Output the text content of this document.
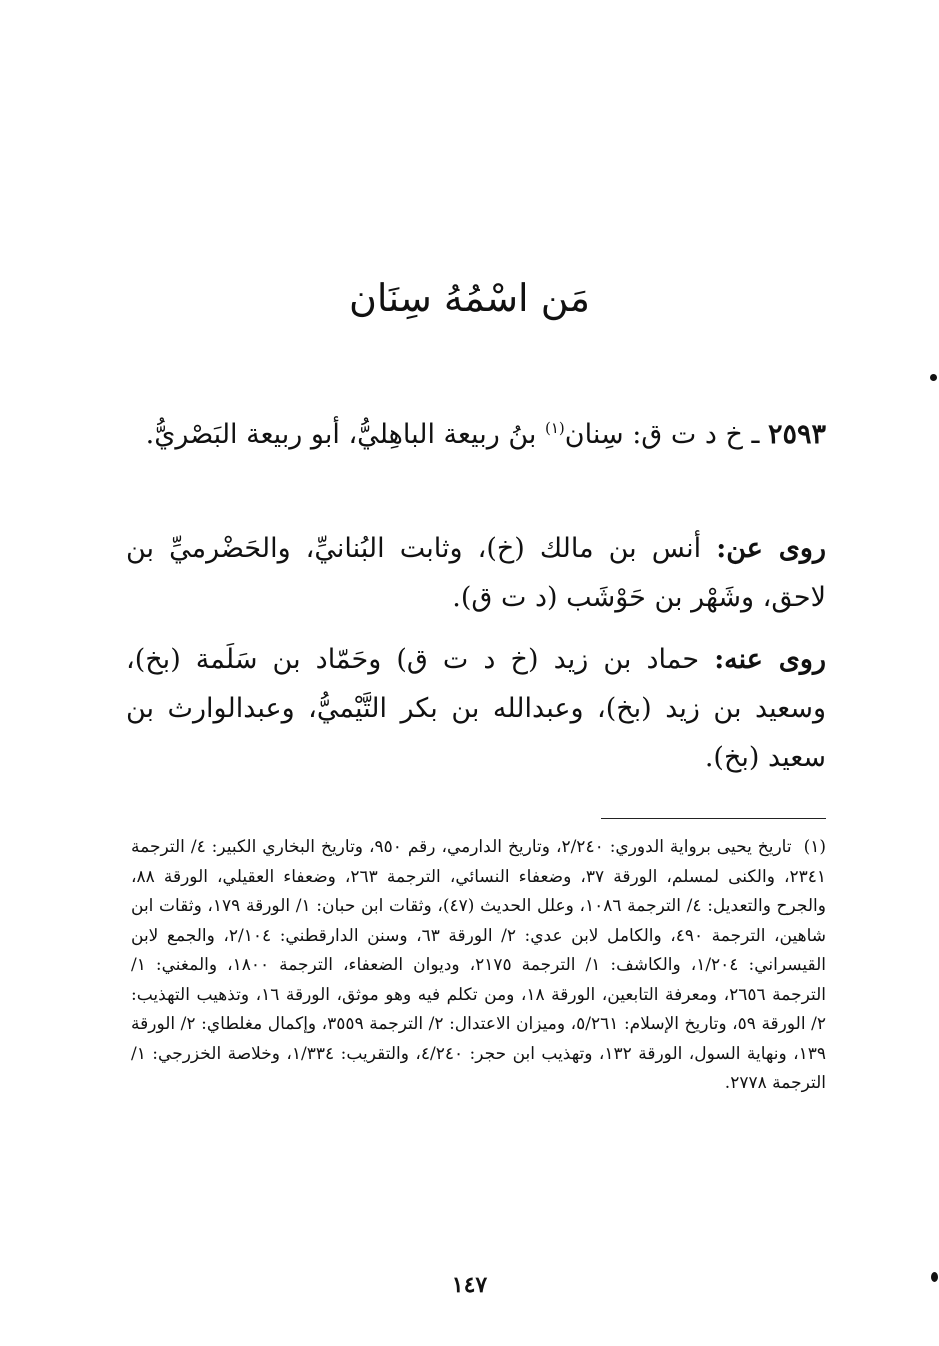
مَن اسْمُهُ سِنَان
٢٥٩٣ ـ خ د ت ق: سِنان$^{(١)}$ بنُ ربيعة الباهِليُّ، أبو ربيعة البَصْريُّ.
روى عن: أنس بن مالك (خ)، وثابت البُنانيِّ، والحَضْرميِّ بن لاحق، وشَهْر بن حَوْشَب (د ت ق).
روى عنه: حماد بن زيد (خ د ت ق) وحَمّاد بن سَلَمة (بخ)، وسعيد بن زيد (بخ)، وعبدالله بن بكر التَّيْميُّ، وعبدالوارث بن سعيد (بخ).
(١) تاريخ يحيى برواية الدوري: ٢/٢٤٠، وتاريخ الدارمي، رقم ٩٥٠، وتاريخ البخاري الكبير: ٤/ الترجمة ٢٣٤١، والكنى لمسلم، الورقة ٣٧، وضعفاء النسائي، الترجمة ٢٦٣، وضعفاء العقيلي، الورقة ٨٨، والجرح والتعديل: ٤/ الترجمة ١٠٨٦، وعلل الحديث (٤٧)، وثقات ابن حبان: ١/ الورقة ١٧٩، وثقات ابن شاهين، الترجمة ٤٩٠، والكامل لابن عدي: ٢/ الورقة ٦٣، وسنن الدارقطني: ٢/١٠٤، والجمع لابن القيسراني: ١/٢٠٤، والكاشف: ١/ الترجمة ٢١٧٥، وديوان الضعفاء، الترجمة ١٨٠٠، والمغني: ١/ الترجمة ٢٦٥٦، ومعرفة التابعين، الورقة ١٨، ومن تكلم فيه وهو موثق، الورقة ١٦، وتذهيب التهذيب: ٢/ الورقة ٥٩، وتاريخ الإسلام: ٥/٢٦١، وميزان الاعتدال: ٢/ الترجمة ٣٥٥٩، وإكمال مغلطاي: ٢/ الورقة ١٣٩، ونهاية السول، الورقة ١٣٢، وتهذيب ابن حجر: ٤/٢٤٠، والتقريب: ١/٣٣٤، وخلاصة الخزرجي: ١/ الترجمة ٢٧٧٨.
١٤٧
